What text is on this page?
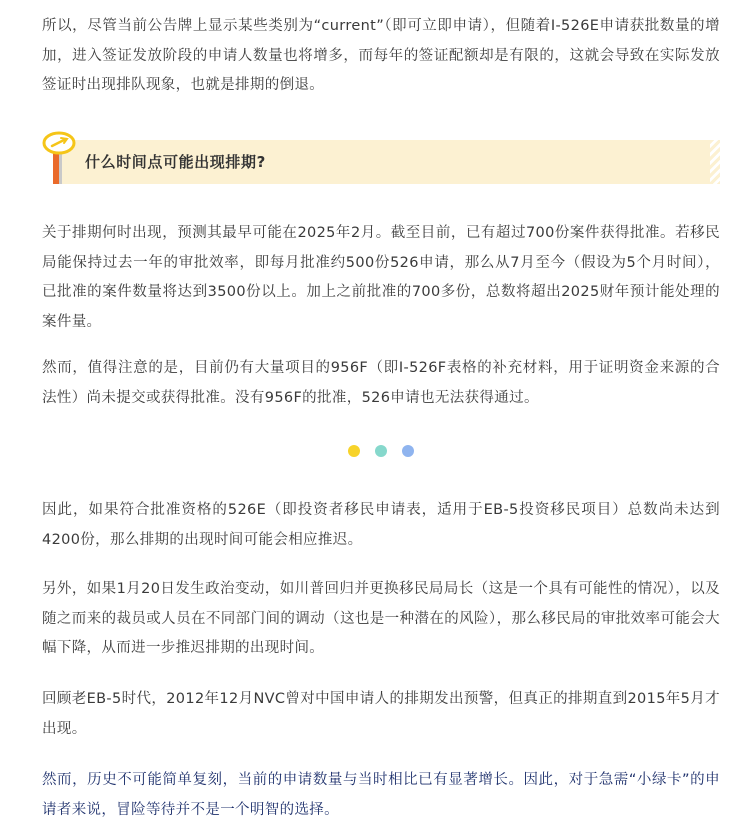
所以，尽管当前公告牌上显示某些类别为“current”（即可立即申请），但随着I-526E申请获批数量的增加，进入签证发放阶段的申请人数量也将增多，而每年的签证配额却是有限的，这就会导致在实际发放签证时出现排队现象，也就是排期的倒退。

什么时间点可能出现排期?

关于排期何时出现，预测其最早可能在2025年2月。截至目前，已有超过700份案件获得批准。若移民局能保持过去一年的审批效率，即每月批准约500份526申请，那么从7月至今（假设为5个月时间），已批准的案件数量将达到3500份以上。加上之前批准的700多份，总数将超出2025财年预计能处理的案件量。

然而，值得注意的是，目前仍有大量项目的956F（即I-526F表格的补充材料，用于证明资金来源的合法性）尚未提交或获得批准。没有956F的批准，526申请也无法获得通过。

因此，如果符合批准资格的526E（即投资者移民申请表，适用于EB-5投资移民项目）总数尚未达到4200份，那么排期的出现时间可能会相应推迟。

另外，如果1月20日发生政治变动，如川普回归并更换移民局局长（这是一个具有可能性的情况），以及随之而来的裁员或人员在不同部门间的调动（这也是一种潜在的风险），那么移民局的审批效率可能会大幅下降，从而进一步推迟排期的出现时间。

回顾老EB-5时代，2012年12月NVC曾对中国申请人的排期发出预警，但真正的排期直到2015年5月才出现。

然而，历史不可能简单复刻，当前的申请数量与当时相比已有显著增长。因此，对于急需“小绿卡”的申请者来说，冒险等待并不是一个明智的选择。
